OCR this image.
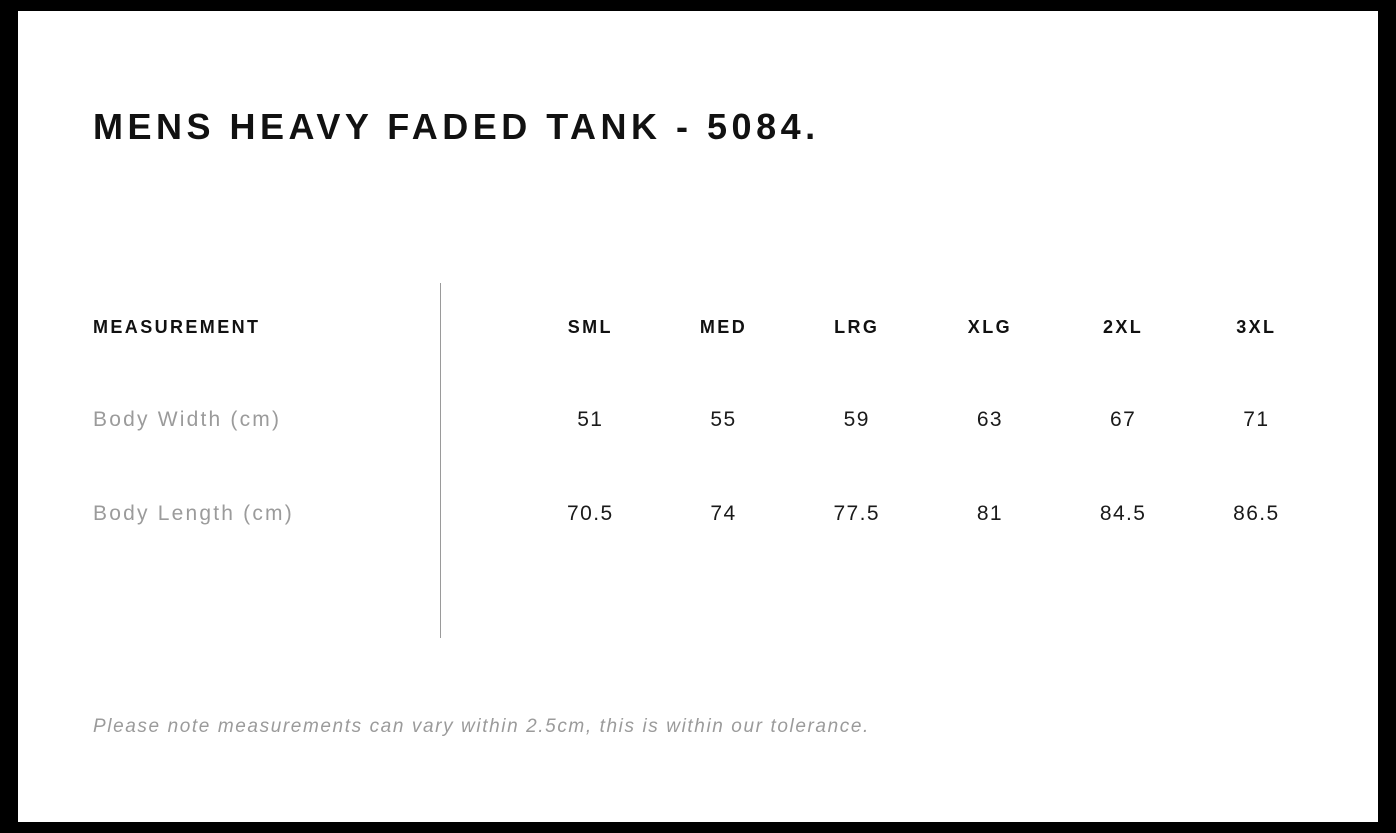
MENS HEAVY FADED TANK - 5084.
MEASUREMENT	SML	MED	LRG	XLG	2XL	3XL
Body Width (cm)	51	55	59	63	67	71
Body Length (cm)	70.5	74	77.5	81	84.5	86.5
Please note measurements can vary within 2.5cm, this is within our tolerance.
